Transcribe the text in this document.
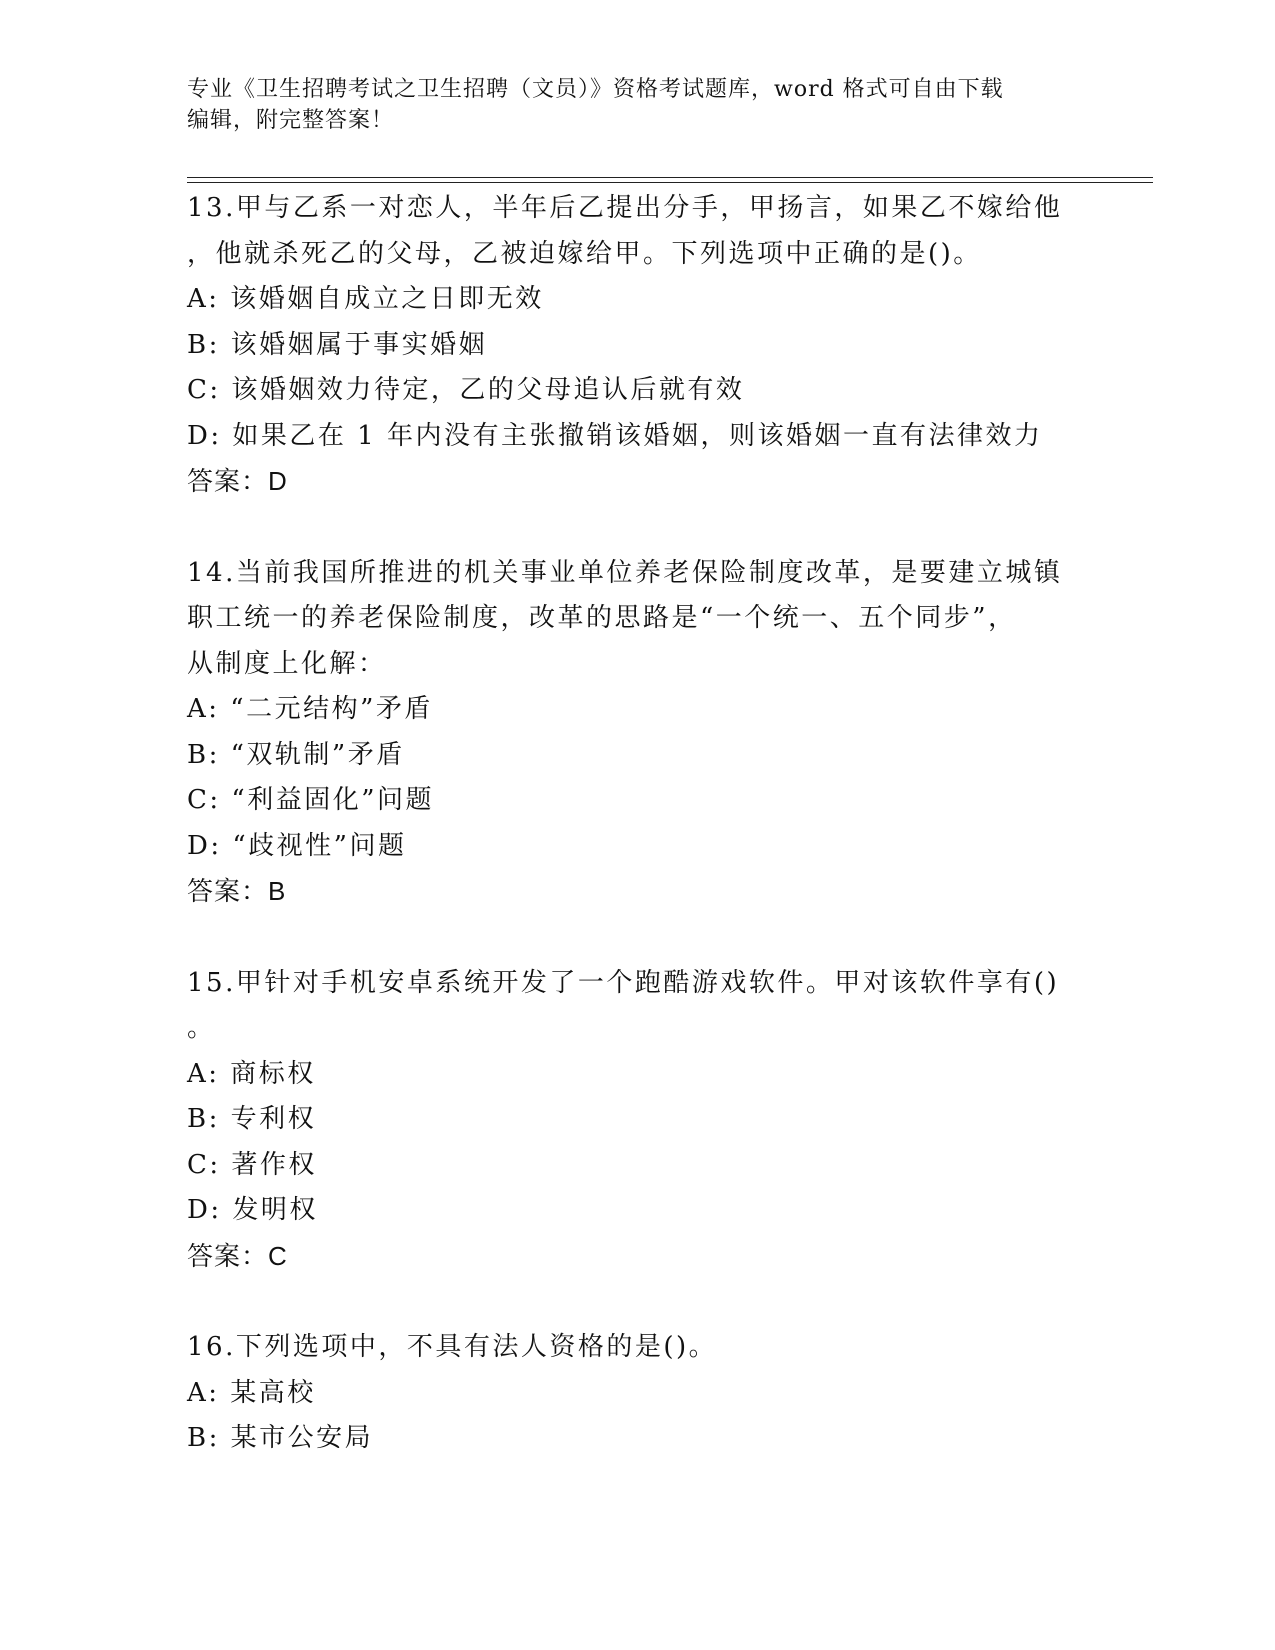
专业《卫生招聘考试之卫生招聘（文员）》资格考试题库，word 格式可自由下载
编辑，附完整答案！

13.甲与乙系一对恋人，半年后乙提出分手，甲扬言，如果乙不嫁给他

，他就杀死乙的父母，乙被迫嫁给甲。下列选项中正确的是()。

A: 该婚姻自成立之日即无效

B: 该婚姻属于事实婚姻

C: 该婚姻效力待定，乙的父母追认后就有效

D: 如果乙在 1 年内没有主张撤销该婚姻，则该婚姻一直有法律效力

答案：D

14.当前我国所推进的机关事业单位养老保险制度改革，是要建立城镇

职工统一的养老保险制度，改革的思路是“一个统一、五个同步”，

从制度上化解：

A: “二元结构”矛盾

B: “双轨制”矛盾

C: “利益固化”问题

D: “歧视性”问题

答案：B

15.甲针对手机安卓系统开发了一个跑酷游戏软件。甲对该软件享有()

。

A: 商标权

B: 专利权

C: 著作权

D: 发明权

答案：C

16.下列选项中，不具有法人资格的是()。

A: 某高校

B: 某市公安局
